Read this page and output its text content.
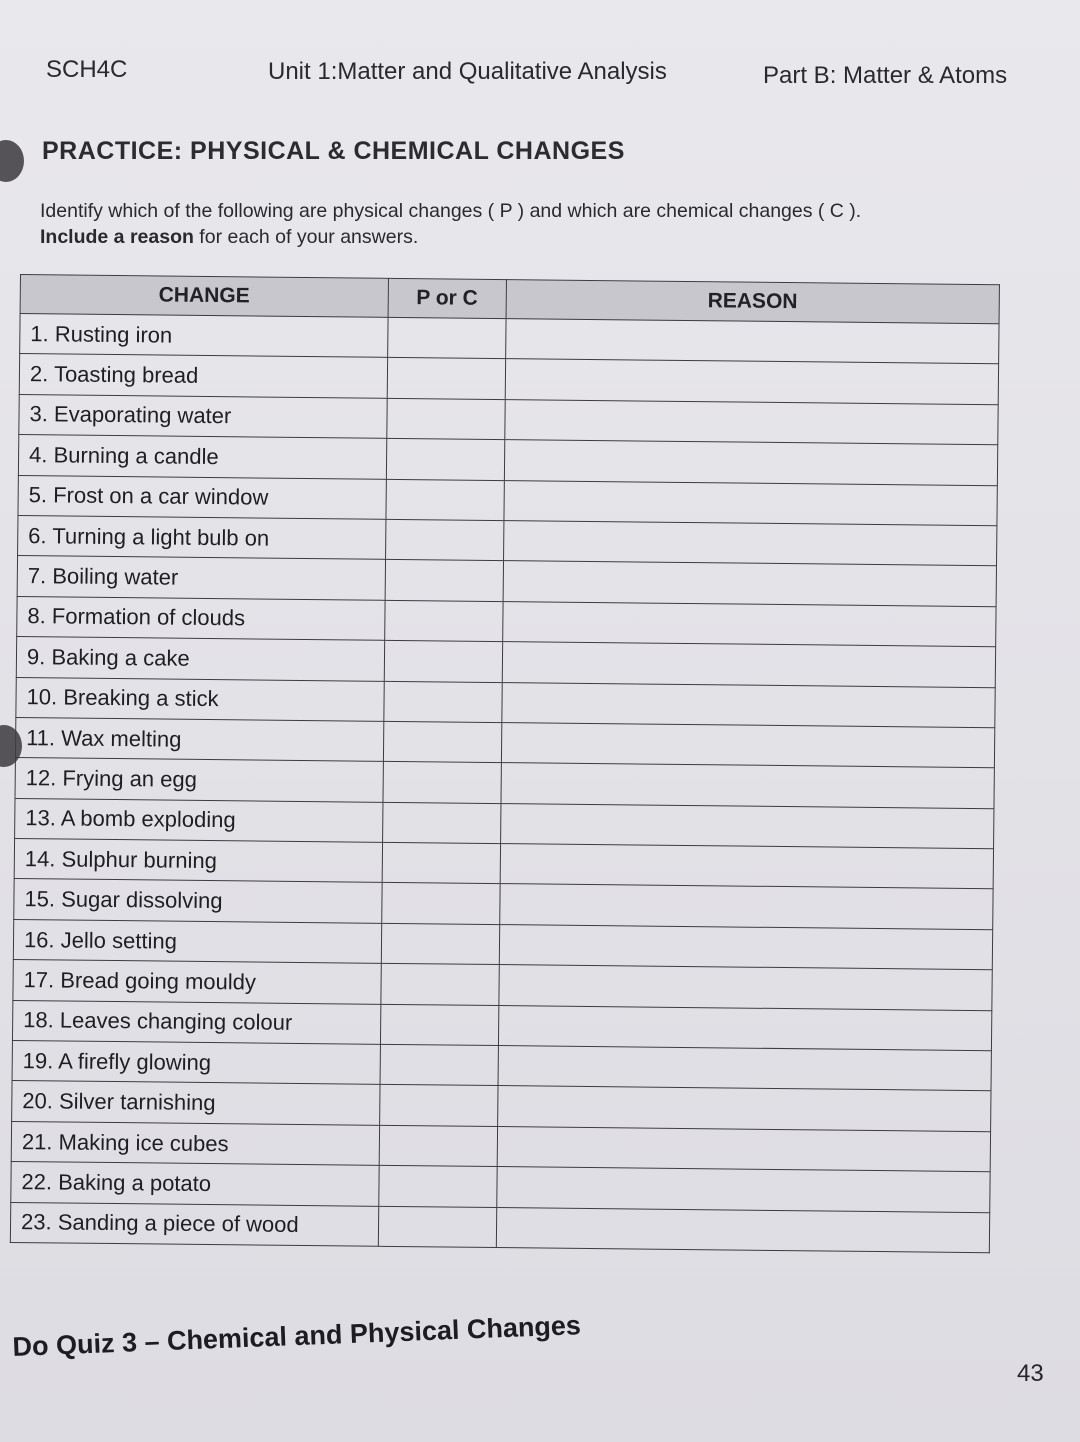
SCH4C	Unit 1:Matter and Qualitative Analysis	Part B: Matter & Atoms
PRACTICE: PHYSICAL & CHEMICAL CHANGES
Identify which of the following are physical changes ( P ) and which are chemical changes ( C ).
Include a reason for each of your answers.
CHANGE	P or C	REASON
1. Rusting iron		
2. Toasting bread		
3. Evaporating water		
4. Burning a candle		
5. Frost on a car window		
6. Turning a light bulb on		
7. Boiling water		
8. Formation of clouds		
9. Baking a cake		
10. Breaking a stick		
11. Wax melting		
12. Frying an egg		
13. A bomb exploding		
14. Sulphur burning		
15. Sugar dissolving		
16. Jello setting		
17. Bread going mouldy		
18. Leaves changing colour		
19. A firefly glowing		
20. Silver tarnishing		
21. Making ice cubes		
22. Baking a potato		
23. Sanding a piece of wood		
Do Quiz 3 – Chemical and Physical Changes
43
